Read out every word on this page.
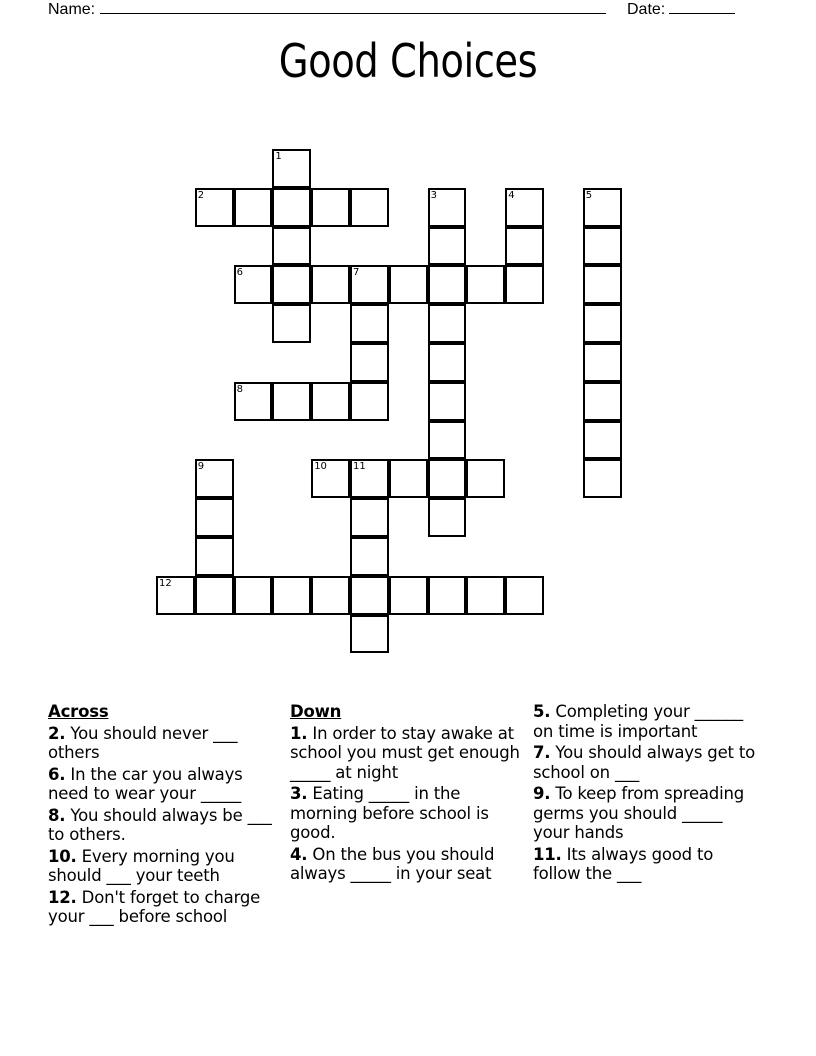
Name:

	Date:

Good Choices
1
2	3	4	5
6	7
8
9	10	11
12
Across
2. You should never ___ others
6. In the car you always need to wear your _____
8. You should always be ___ to others.
10. Every morning you should ___ your teeth
12. Don't forget to charge your ___ before school
Down
1. In order to stay awake at school you must get enough _____ at night
3. Eating _____ in the morning before school is good.
4. On the bus you should always _____ in your seat
5. Completing your ______ on time is important
7. You should always get to school on ___
9. To keep from spreading germs you should _____ your hands
11. Its always good to follow the ___
